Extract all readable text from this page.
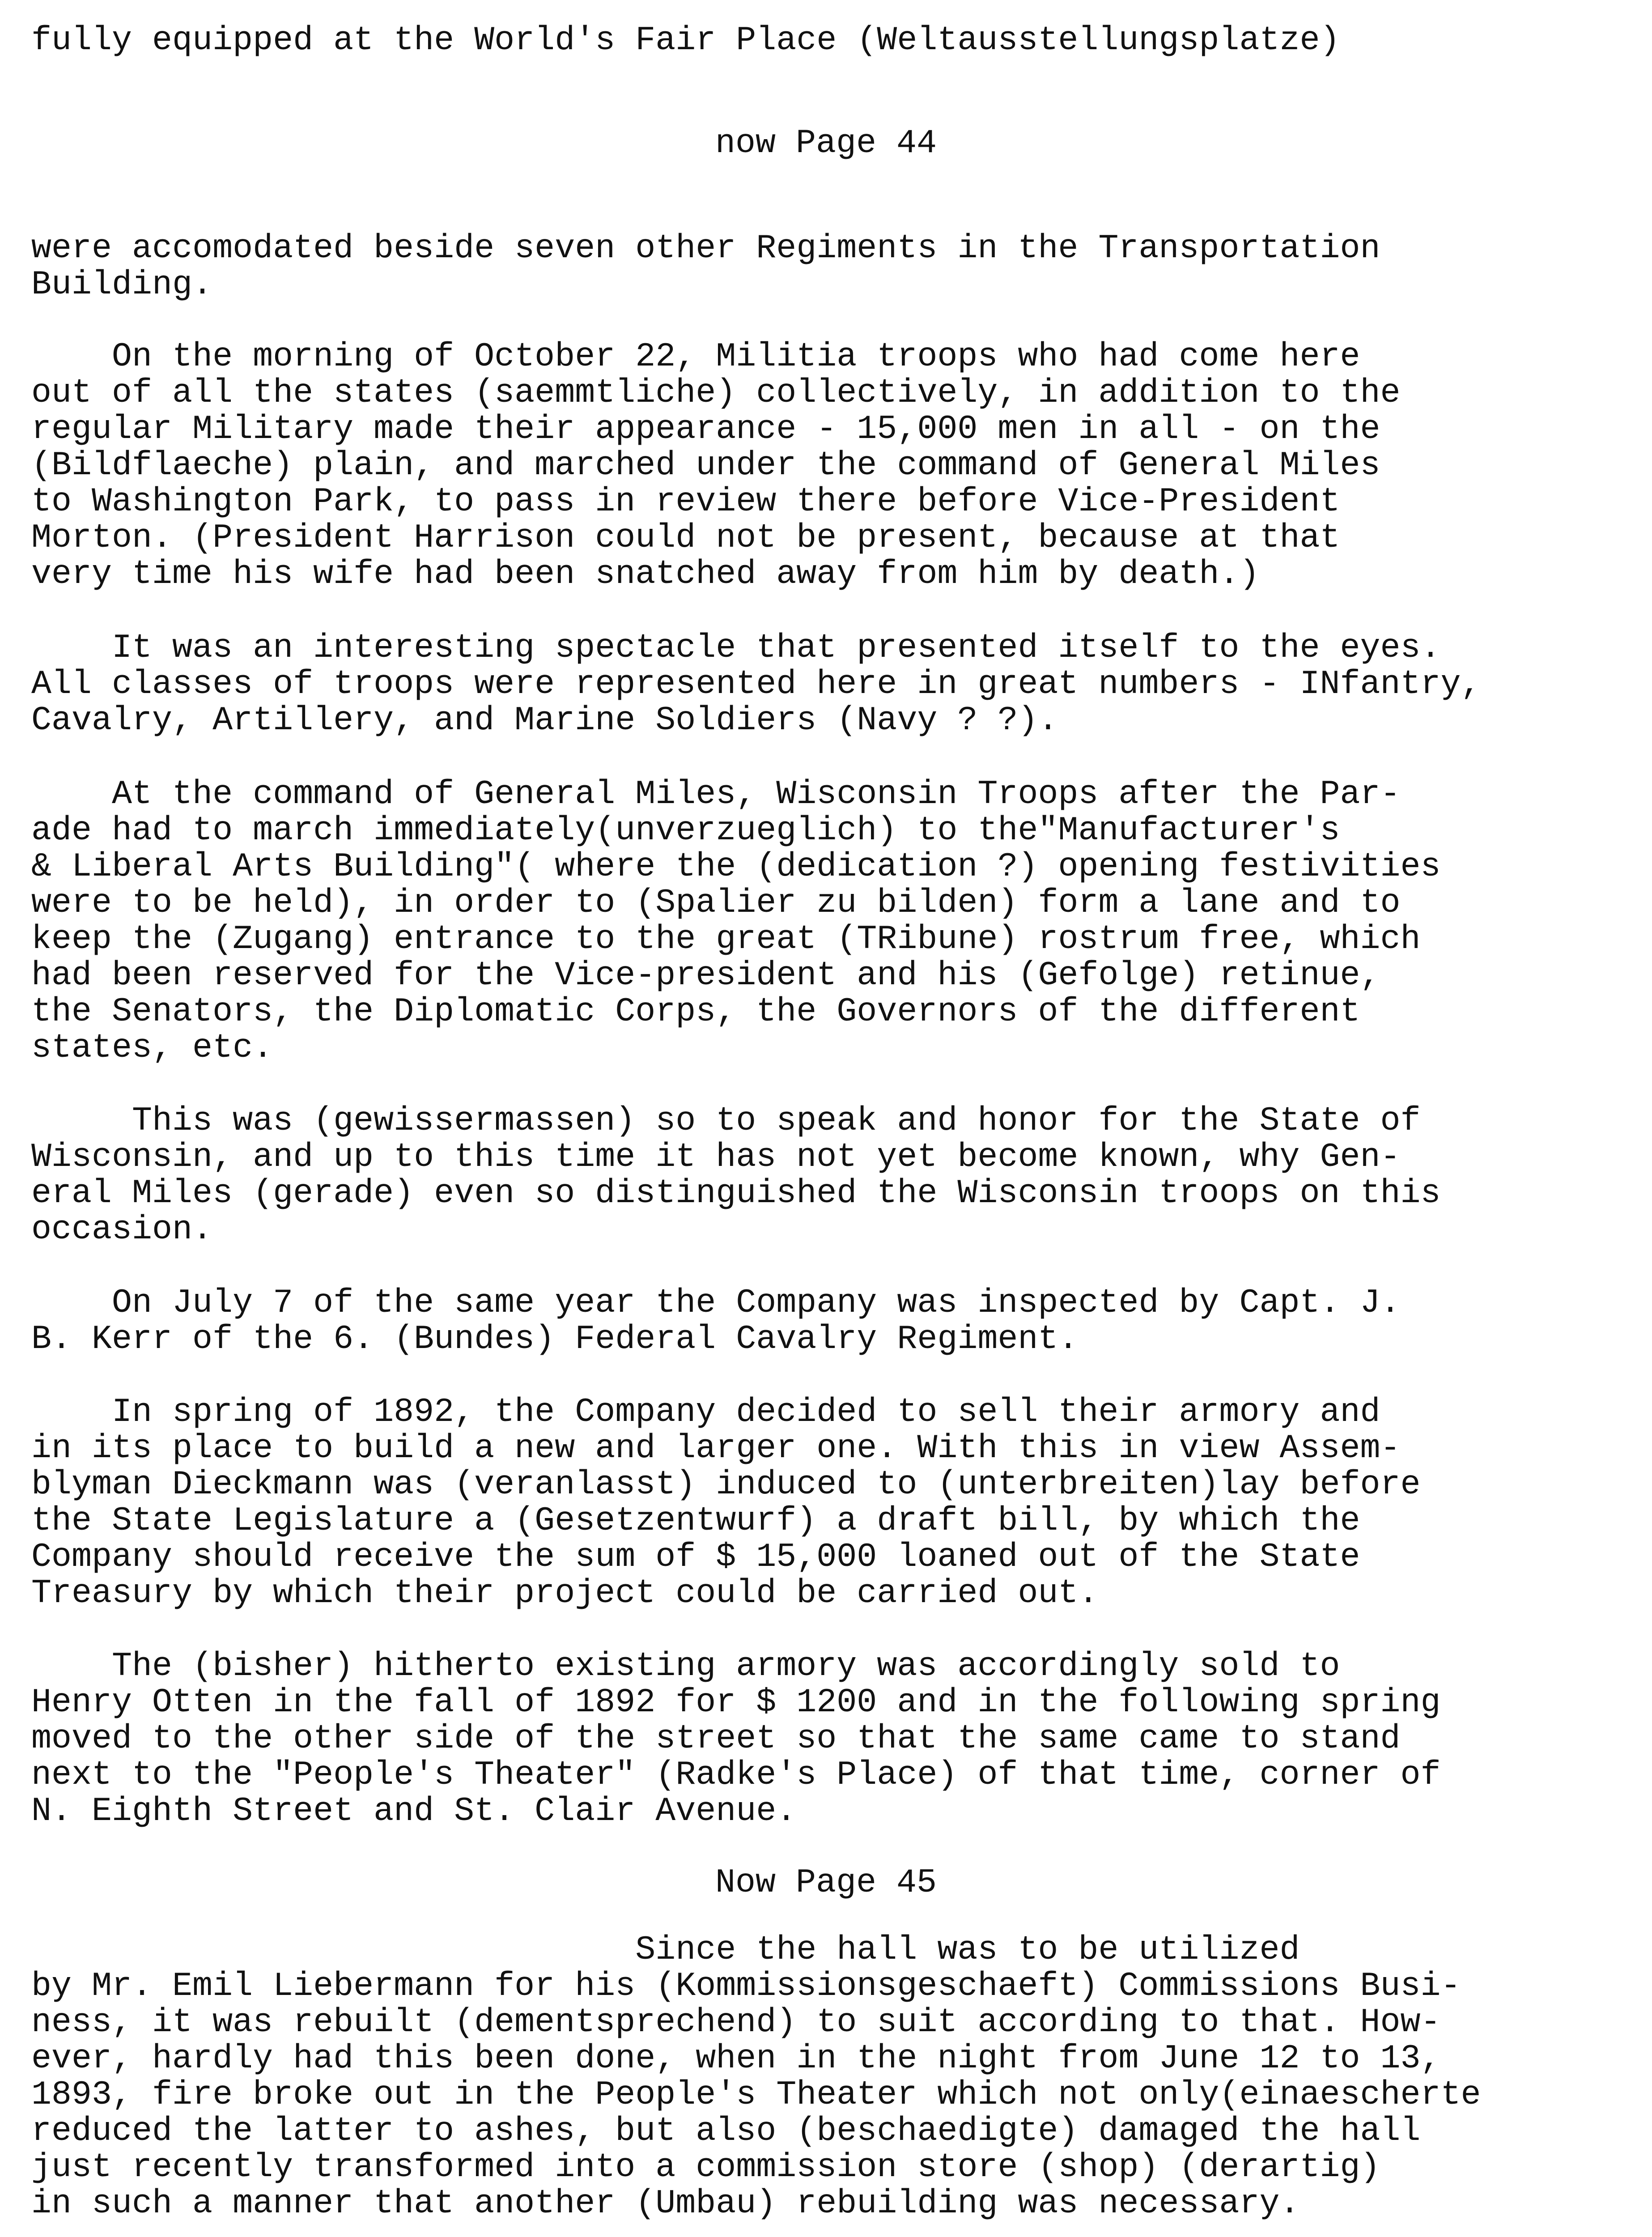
fully equipped at the World's Fair Place (Weltausstellungsplatze)
now Page 44
were accomodated beside seven other Regiments in the Transportation
Building.
On the morning of October 22, Militia troops who had come here
out of all the states (saemmtliche) collectively, in addition to the
regular Military made their appearance - 15,000 men in all - on the
(Bildflaeche) plain, and marched under the command of General Miles
to Washington Park, to pass in review there before Vice-President
Morton. (President Harrison could not be present, because at that
very time his wife had been snatched away from him by death.)
It was an interesting spectacle that presented itself to the eyes.
All classes of troops were represented here in great numbers - INfantry,
Cavalry, Artillery, and Marine Soldiers (Navy ? ?).
At the command of General Miles, Wisconsin Troops after the Par-
ade had to march immediately(unverzueglich) to the"Manufacturer's
& Liberal Arts Building"( where the (dedication ?) opening festivities
were to be held), in order to (Spalier zu bilden) form a lane and to
keep the (Zugang) entrance to the great (TRibune) rostrum free, which
had been reserved for the Vice-president and his (Gefolge) retinue,
the Senators, the Diplomatic Corps, the Governors of the different
states, etc.
This was (gewissermassen) so to speak and honor for the State of
Wisconsin, and up to this time it has not yet become known, why Gen-
eral Miles (gerade) even so distinguished the Wisconsin troops on this
occasion.
On July 7 of the same year the Company was inspected by Capt. J.
B. Kerr of the 6. (Bundes) Federal Cavalry Regiment.
In spring of 1892, the Company decided to sell their armory and
in its place to build a new and larger one. With this in view Assem-
blyman Dieckmann was (veranlasst) induced to (unterbreiten)lay before
the State Legislature a (Gesetzentwurf) a draft bill, by which the
Company should receive the sum of $ 15,000 loaned out of the State
Treasury by which their project could be carried out.
The (bisher) hitherto existing armory was accordingly sold to
Henry Otten in the fall of 1892 for $ 1200 and in the following spring
moved to the other side of the street so that the same came to stand
next to the "People's Theater" (Radke's Place) of that time, corner of
N. Eighth Street and St. Clair Avenue.
Now Page 45
Since the hall was to be utilized
by Mr. Emil Liebermann for his (Kommissionsgeschaeft) Commissions Busi-
ness, it was rebuilt (dementsprechend) to suit according to that. How-
ever, hardly had this been done, when in the night from June 12 to 13,
1893, fire broke out in the People's Theater which not only(einaescherte
reduced the latter to ashes, but also (beschaedigte) damaged the hall
just recently transformed into a commission store (shop) (derartig)
in such a manner that another (Umbau) rebuilding was necessary.
